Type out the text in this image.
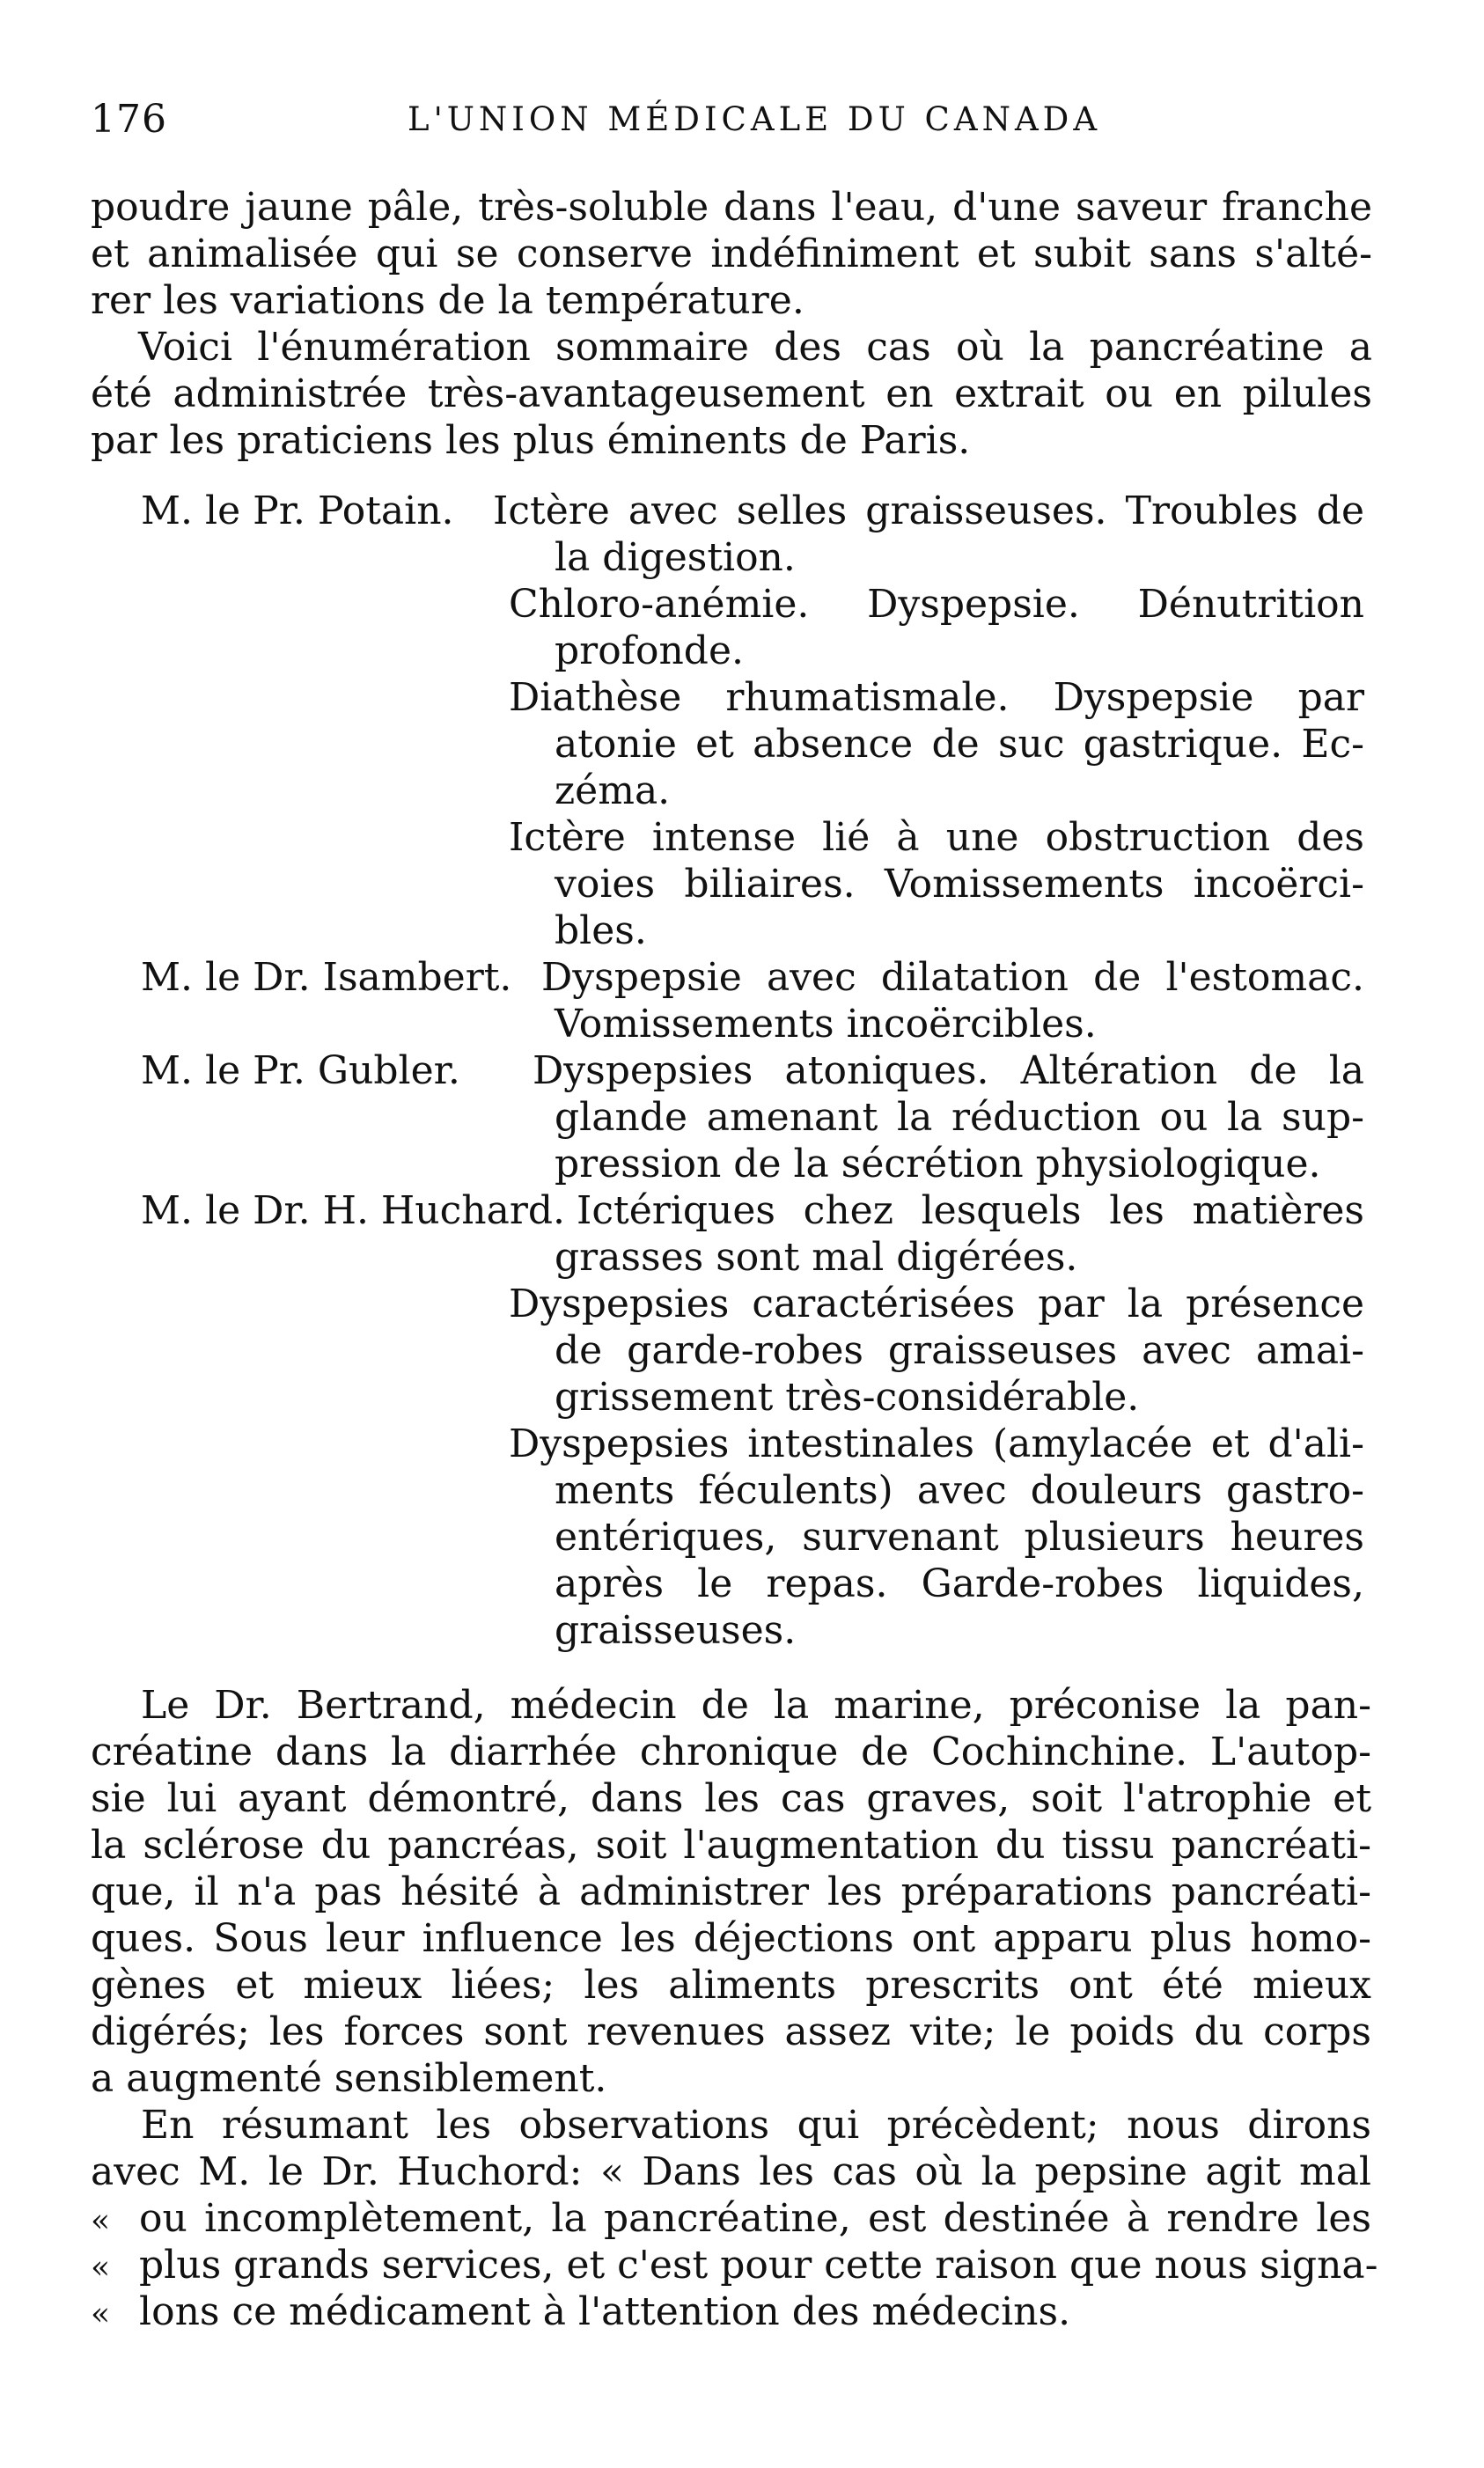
176	L'UNION MÉDICALE DU CANADA
poudre jaune pâle, très-soluble dans l'eau, d'une saveur franche
et animalisée qui se conserve indéfiniment et subit sans s'alté-
rer les variations de la température.
Voici l'énumération sommaire des cas où la pancréatine a
été administrée très-avantageusement en extrait ou en pilules
par les praticiens les plus éminents de Paris.
M. le Pr. Potain. Ictère avec selles graisseuses. Troubles de
la digestion.
Chloro-anémie. Dyspepsie. Dénutrition
profonde.
Diathèse rhumatismale. Dyspepsie par
atonie et absence de suc gastrique. Ec-
zéma.
Ictère intense lié à une obstruction des
voies biliaires. Vomissements incoërci-
bles.
M. le Dr. Isambert. Dyspepsie avec dilatation de l'estomac.
Vomissements incoërcibles.
M. le Pr. Gubler. Dyspepsies atoniques. Altération de la
glande amenant la réduction ou la sup-
pression de la sécrétion physiologique.
M. le Dr. H. Huchard. Ictériques chez lesquels les matières
grasses sont mal digérées.
Dyspepsies caractérisées par la présence
de garde-robes graisseuses avec amai-
grissement très-considérable.
Dyspepsies intestinales (amylacée et d'ali-
ments féculents) avec douleurs gastro-
entériques, survenant plusieurs heures
après le repas. Garde-robes liquides,
graisseuses.
Le Dr. Bertrand, médecin de la marine, préconise la pan-
créatine dans la diarrhée chronique de Cochinchine. L'autop-
sie lui ayant démontré, dans les cas graves, soit l'atrophie et
la sclérose du pancréas, soit l'augmentation du tissu pancréati-
que, il n'a pas hésité à administrer les préparations pancréati-
ques. Sous leur influence les déjections ont apparu plus homo-
gènes et mieux liées; les aliments prescrits ont été mieux
digérés; les forces sont revenues assez vite; le poids du corps
a augmenté sensiblement.
En résumant les observations qui précèdent; nous dirons
avec M. le Dr. Huchord: « Dans les cas où la pepsine agit mal
« ou incomplètement, la pancréatine, est destinée à rendre les
« plus grands services, et c'est pour cette raison que nous signa-
« lons ce médicament à l'attention des médecins.
